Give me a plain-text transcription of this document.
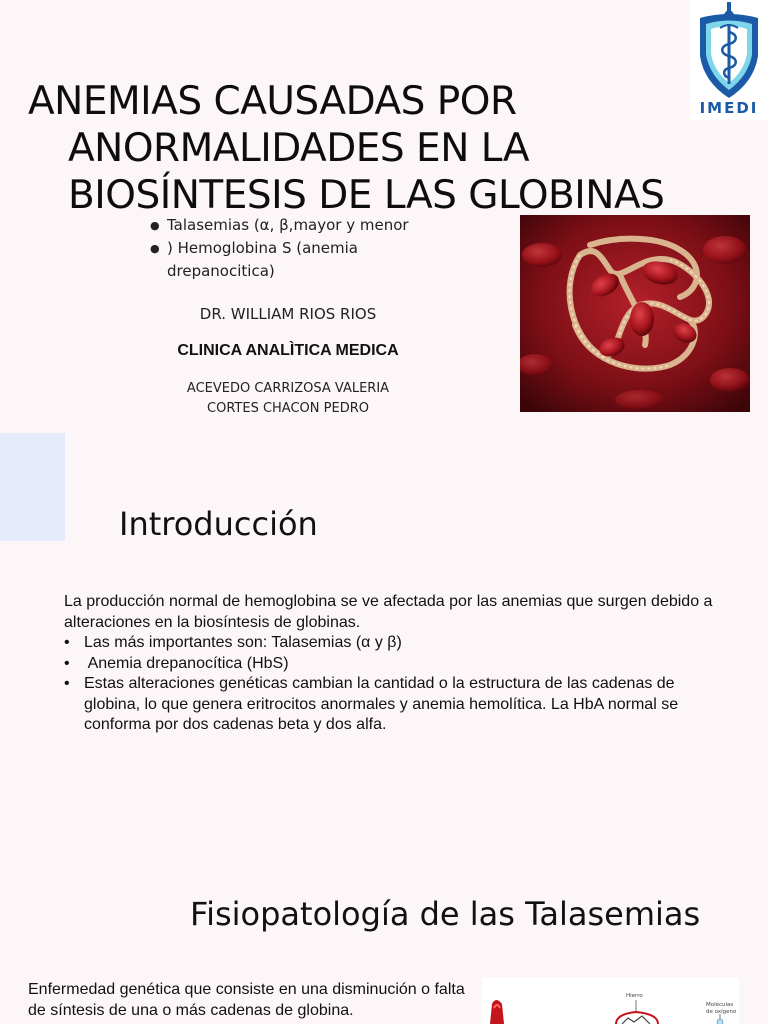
IMEDI
ANEMIAS CAUSADAS POR
ANORMALIDADES EN LA
BIOSÍNTESIS DE LAS GLOBINAS
● Talasemias (α, β,mayor y menor
● ) Hemoglobina S (anemia drepanocitica)
DR. WILLIAM RIOS RIOS
CLINICA ANALÌTICA MEDICA
ACEVEDO CARRIZOSA VALERIA
CORTES CHACON PEDRO
Introducción

La producción normal de hemoglobina se ve afectada por las anemias que surgen debido a alteraciones en la biosíntesis de globinas.

• Las más importantes son: Talasemias (α y β)
•  Anemia drepanocítica (HbS)
• Estas alteraciones genéticas cambian la cantidad o la estructura de las cadenas de globina, lo que genera eritrocitos anormales y anemia hemolítica. La HbA normal se conforma por dos cadenas beta y dos alfa.
Fisiopatología de las Talasemias

Enfermedad genética que consiste en una disminución o falta de síntesis de una o más cadenas de globina.

Hierro
Moléculas de oxígeno
